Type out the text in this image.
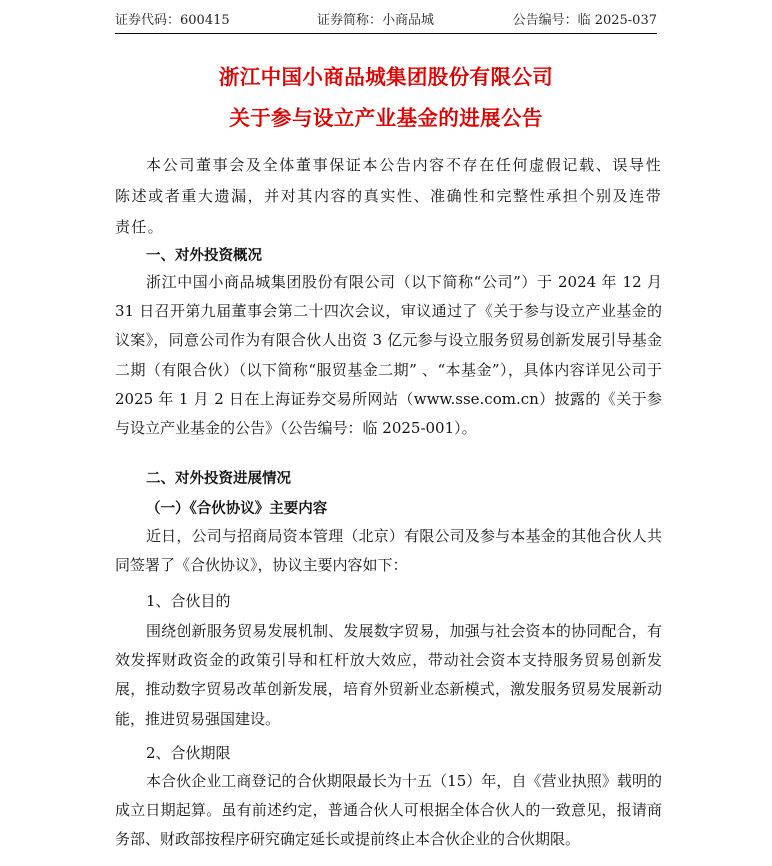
证券代码：600415	证券简称：小商品城	公告编号：临 2025-037
浙江中国小商品城集团股份有限公司
关于参与设立产业基金的进展公告
本公司董事会及全体董事保证本公告内容不存在任何虚假记载、误导性陈述或者重大遗漏，并对其内容的真实性、准确性和完整性承担个别及连带责任。
一、对外投资概况
浙江中国小商品城集团股份有限公司（以下简称“公司”）于 2024 年 12 月 31 日召开第九届董事会第二十四次会议，审议通过了《关于参与设立产业基金的议案》，同意公司作为有限合伙人出资 3 亿元参与设立服务贸易创新发展引导基金二期（有限合伙）（以下简称“服贸基金二期” 、“本基金”），具体内容详见公司于 2025 年 1 月 2 日在上海证券交易所网站（www.sse.com.cn）披露的《关于参与设立产业基金的公告》（公告编号：临 2025-001）。
二、对外投资进展情况
（一）《合伙协议》主要内容
近日，公司与招商局资本管理（北京）有限公司及参与本基金的其他合伙人共同签署了《合伙协议》，协议主要内容如下：
1、合伙目的
围绕创新服务贸易发展机制、发展数字贸易，加强与社会资本的协同配合，有效发挥财政资金的政策引导和杠杆放大效应，带动社会资本支持服务贸易创新发展，推动数字贸易改革创新发展，培育外贸新业态新模式，激发服务贸易发展新动能，推进贸易强国建设。
2、合伙期限
本合伙企业工商登记的合伙期限最长为十五（15）年，自《营业执照》载明的成立日期起算。虽有前述约定，普通合伙人可根据全体合伙人的一致意见，报请商务部、财政部按程序研究确定延长或提前终止本合伙企业的合伙期限。
